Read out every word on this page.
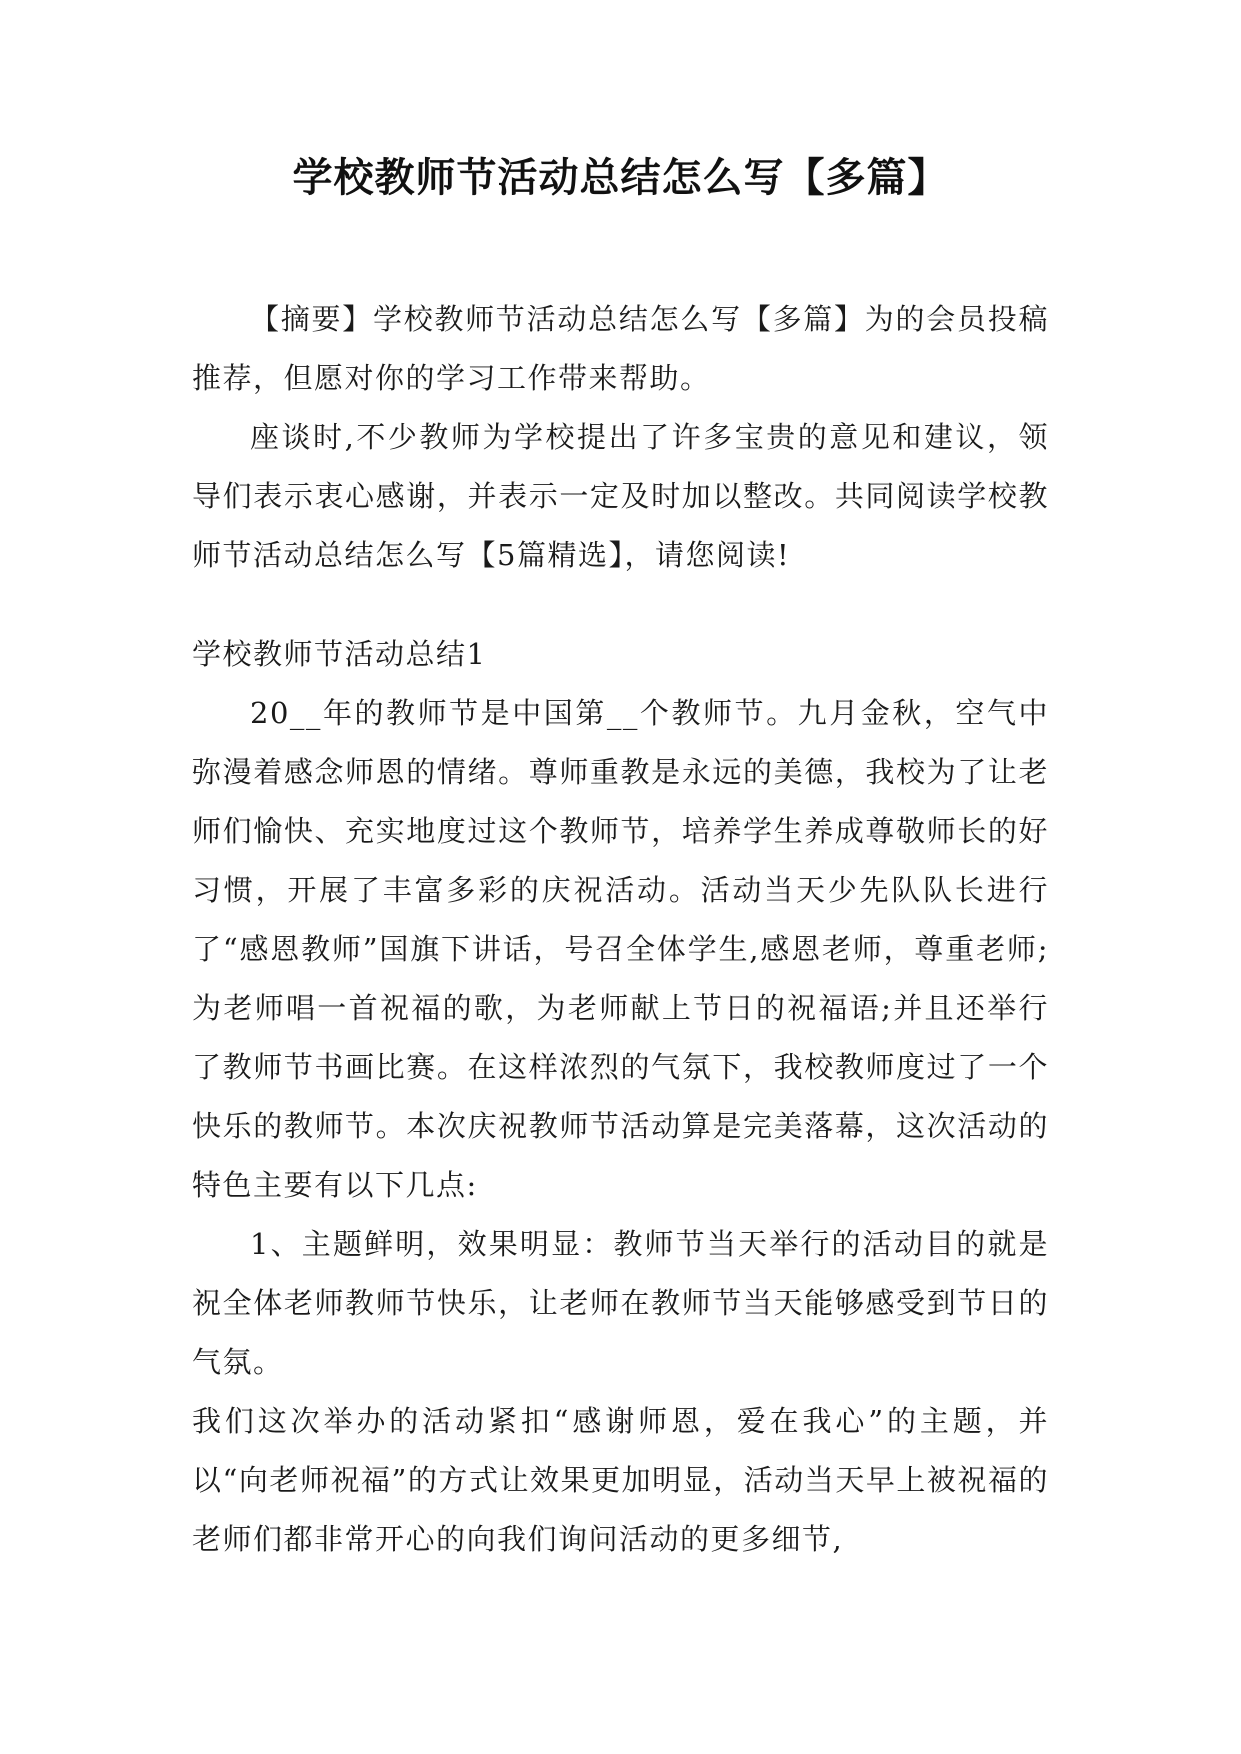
学校教师节活动总结怎么写【多篇】

【摘要】学校教师节活动总结怎么写【多篇】为的会员投稿推荐，但愿对你的学习工作带来帮助。

座谈时,不少教师为学校提出了许多宝贵的意见和建议，领导们表示衷心感谢，并表示一定及时加以整改。共同阅读学校教师节活动总结怎么写【5篇精选】，请您阅读!

学校教师节活动总结1

20__年的教师节是中国第__个教师节。九月金秋，空气中弥漫着感念师恩的情绪。尊师重教是永远的美德，我校为了让老师们愉快、充实地度过这个教师节，培养学生养成尊敬师长的好习惯，开展了丰富多彩的庆祝活动。活动当天少先队队长进行了“感恩教师”国旗下讲话，号召全体学生,感恩老师，尊重老师;为老师唱一首祝福的歌，为老师献上节日的祝福语;并且还举行了教师节书画比赛。在这样浓烈的气氛下，我校教师度过了一个快乐的教师节。本次庆祝教师节活动算是完美落幕，这次活动的特色主要有以下几点:

1、主题鲜明，效果明显：教师节当天举行的活动目的就是祝全体老师教师节快乐，让老师在教师节当天能够感受到节日的气氛。

我们这次举办的活动紧扣“感谢师恩，爱在我心”的主题，并以“向老师祝福”的方式让效果更加明显，活动当天早上被祝福的老师们都非常开心的向我们询问活动的更多细节,
